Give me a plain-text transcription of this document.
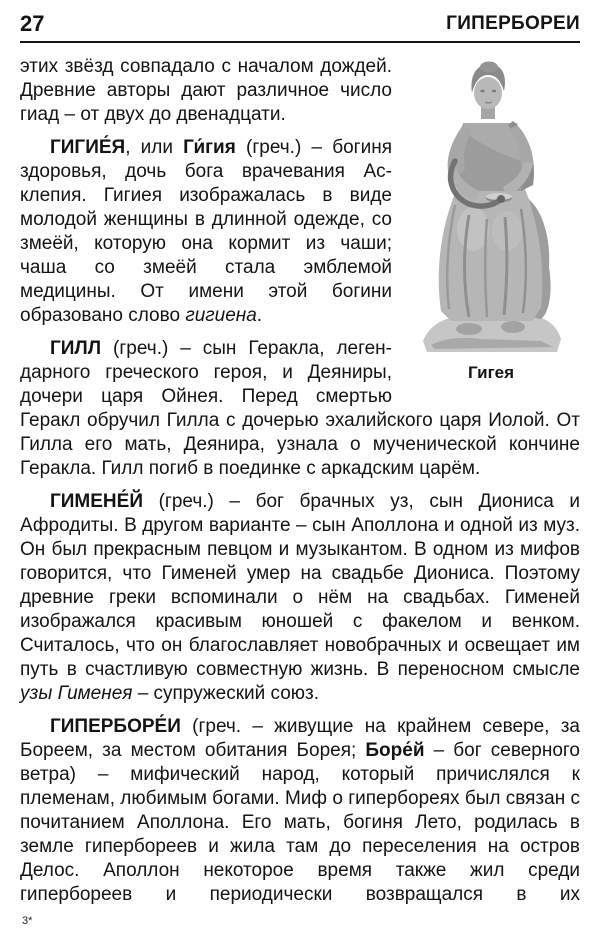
27	ГИПЕРБОРЕИ
Гигея

этих звёзд совпадало с началом дождей. Древние авторы дают различное число гиад – от двух до двенадцати.

ГИГИЕ́Я, или Ги́гия (греч.) – богиня здоровья, дочь бога врачевания Асклепия. Гигиея изображалась в виде молодой женщины в длинной одежде, со змеёй, которую она кормит из чаши; чаша со змеёй стала эмблемой медицины. От имени этой богини образовано слово гигиена.

ГИЛЛ (греч.) – сын Геракла, легендарного греческого героя, и Деяниры, дочери царя Ойнея. Перед смертью Геракл обручил Гилла с дочерью эхалийского царя Иолой. От Гилла его мать, Деянира, узнала о мученической кончине Геракла. Гилл погиб в поединке с аркадским царём.

ГИМЕНЕ́Й (греч.) – бог брачных уз, сын Диониса и Афродиты. В другом варианте – сын Аполлона и одной из муз. Он был прекрасным певцом и музыкантом. В одном из мифов говорится, что Гименей умер на свадьбе Диониса. Поэтому древние греки вспоминали о нём на свадьбах. Гименей изображался красивым юношей с факелом и венком. Считалось, что он благославляет новобрачных и освещает им путь в счастливую совместную жизнь. В переносном смысле узы Гименея – супружеский союз.

ГИПЕРБОРЕ́И (греч. – живущие на крайнем севере, за Бореем, за местом обитания Борея; Боре́й – бог северного ветра) – мифический народ, который причислялся к племенам, любимым богами. Миф о гипербореях был связан с почитанием Аполлона. Его мать, богиня Лето, родилась в земле гипербореев и жила там до переселения на остров Делос. Аполлон некоторое время также жил среди гипербореев и периодически возвращался в их

3*
